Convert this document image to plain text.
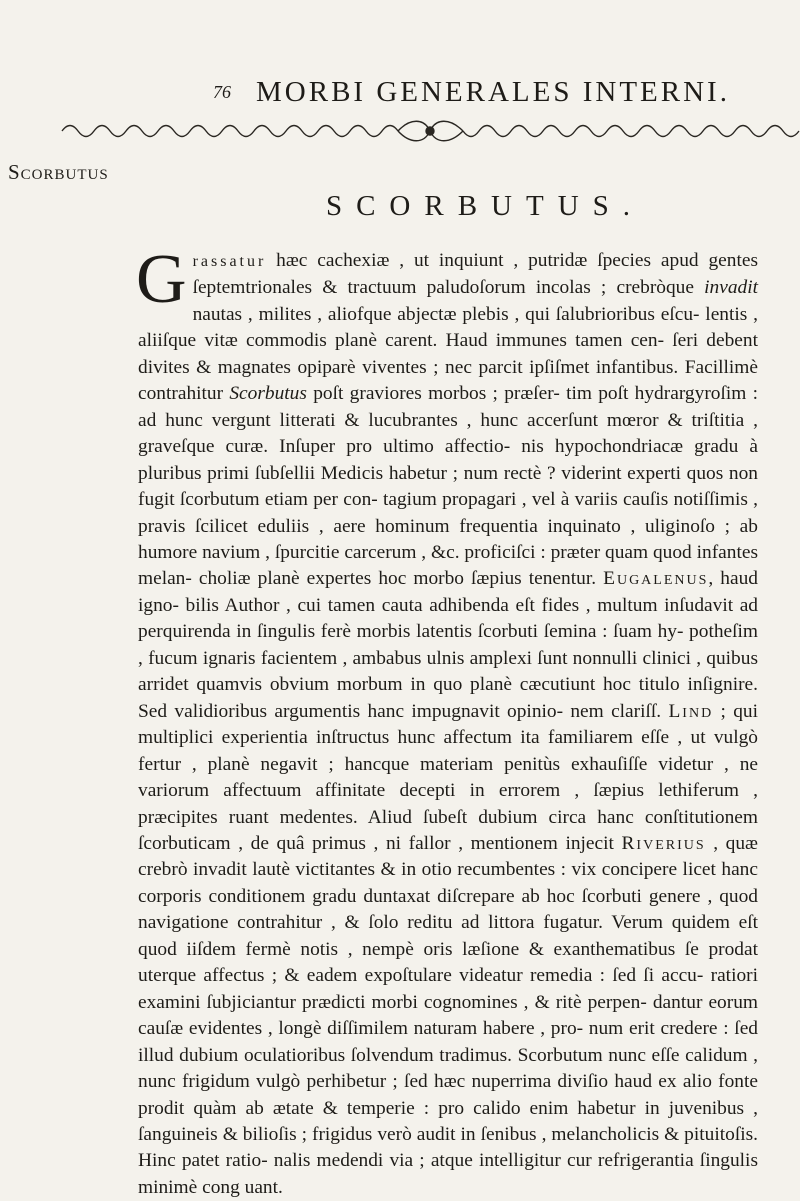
76 MORBI GENERALES INTERNI.
Scorbutus
SCORBUTUS.
Grassatur hæc cachexiæ , ut inquiunt , putridæ ſpecies apud gentes ſeptemtrionales & tractuum paludoſorum incolas ; crebròque invadit nautas , milites , aliofque abjectæ plebis , qui ſalubrioribus eſcu- lentis , aliiſque vitæ commodis planè carent. Haud immunes tamen cen- ſeri debent divites & magnates opiparè viventes ; nec parcit ipſiſmet infantibus. Facillimè contrahitur Scorbutus poſt graviores morbos ; præſer- tim poſt hydrargyroſim : ad hunc vergunt litterati & lucubrantes , hunc accerſunt mœror & triſtitia , graveſque curæ. Inſuper pro ultimo affectio- nis hypochondriacæ gradu à pluribus primi ſubſellii Medicis habetur ; num rectè ? viderint experti quos non fugit ſcorbutum etiam per con- tagium propagari , vel à variis cauſis notiſſimis , pravis ſcilicet eduliis , aere hominum frequentia inquinato , uliginoſo ; ab humore navium , ſpurcitie carcerum , &c. proficiſci : præter quam quod infantes melan- choliæ planè expertes hoc morbo ſæpius tenentur. Eugalenus, haud igno- bilis Author , cui tamen cauta adhibenda eſt fides , multum inſudavit ad perquirenda in ſingulis ferè morbis latentis ſcorbuti ſemina : ſuam hy- potheſim , fucum ignaris facientem , ambabus ulnis amplexi ſunt nonnulli clinici , quibus arridet quamvis obvium morbum in quo planè cæcutiunt hoc titulo inſignire. Sed validioribus argumentis hanc impugnavit opinio- nem clariſſ. Lind ; qui multiplici experientia inſtructus hunc affectum ita familiarem eſſe , ut vulgò fertur , planè negavit ; hancque materiam penitùs exhauſiſſe videtur , ne variorum affectuum affinitate decepti in errorem , ſæpius lethiferum , præcipites ruant medentes. Aliud ſubeſt dubium circa hanc conſtitutionem ſcorbuticam , de quâ primus , ni fallor , mentionem injecit Riverius , quæ crebrò invadit lautè victitantes & in otio recumbentes : vix concipere licet hanc corporis conditionem gradu duntaxat diſcrepare ab hoc ſcorbuti genere , quod navigatione contrahitur , & ſolo reditu ad littora fugatur. Verum quidem eſt quod iiſdem fermè notis , nempè oris læſione & exanthematibus ſe prodat uterque affectus ; & eadem expoſtulare videatur remedia : ſed ſi accu- ratiori examini ſubjiciantur prædicti morbi cognomines , & ritè perpen- dantur eorum cauſæ evidentes , longè diſſimilem naturam habere , pro- num erit credere : ſed illud dubium oculatioribus ſolvendum tradimus. Scorbutum nunc eſſe calidum , nunc frigidum vulgò perhibetur ; ſed hæc nuperrima diviſio haud ex alio fonte prodit quàm ab ætate & temperie : pro calido enim habetur in juvenibus , ſanguineis & bilioſis ; frigidus verò audit in ſenibus , melancholicis & pituitoſis. Hinc patet ratio- nalis medendi via ; atque intelligitur cur refrigerantia ſingulis minimè cong uant.
